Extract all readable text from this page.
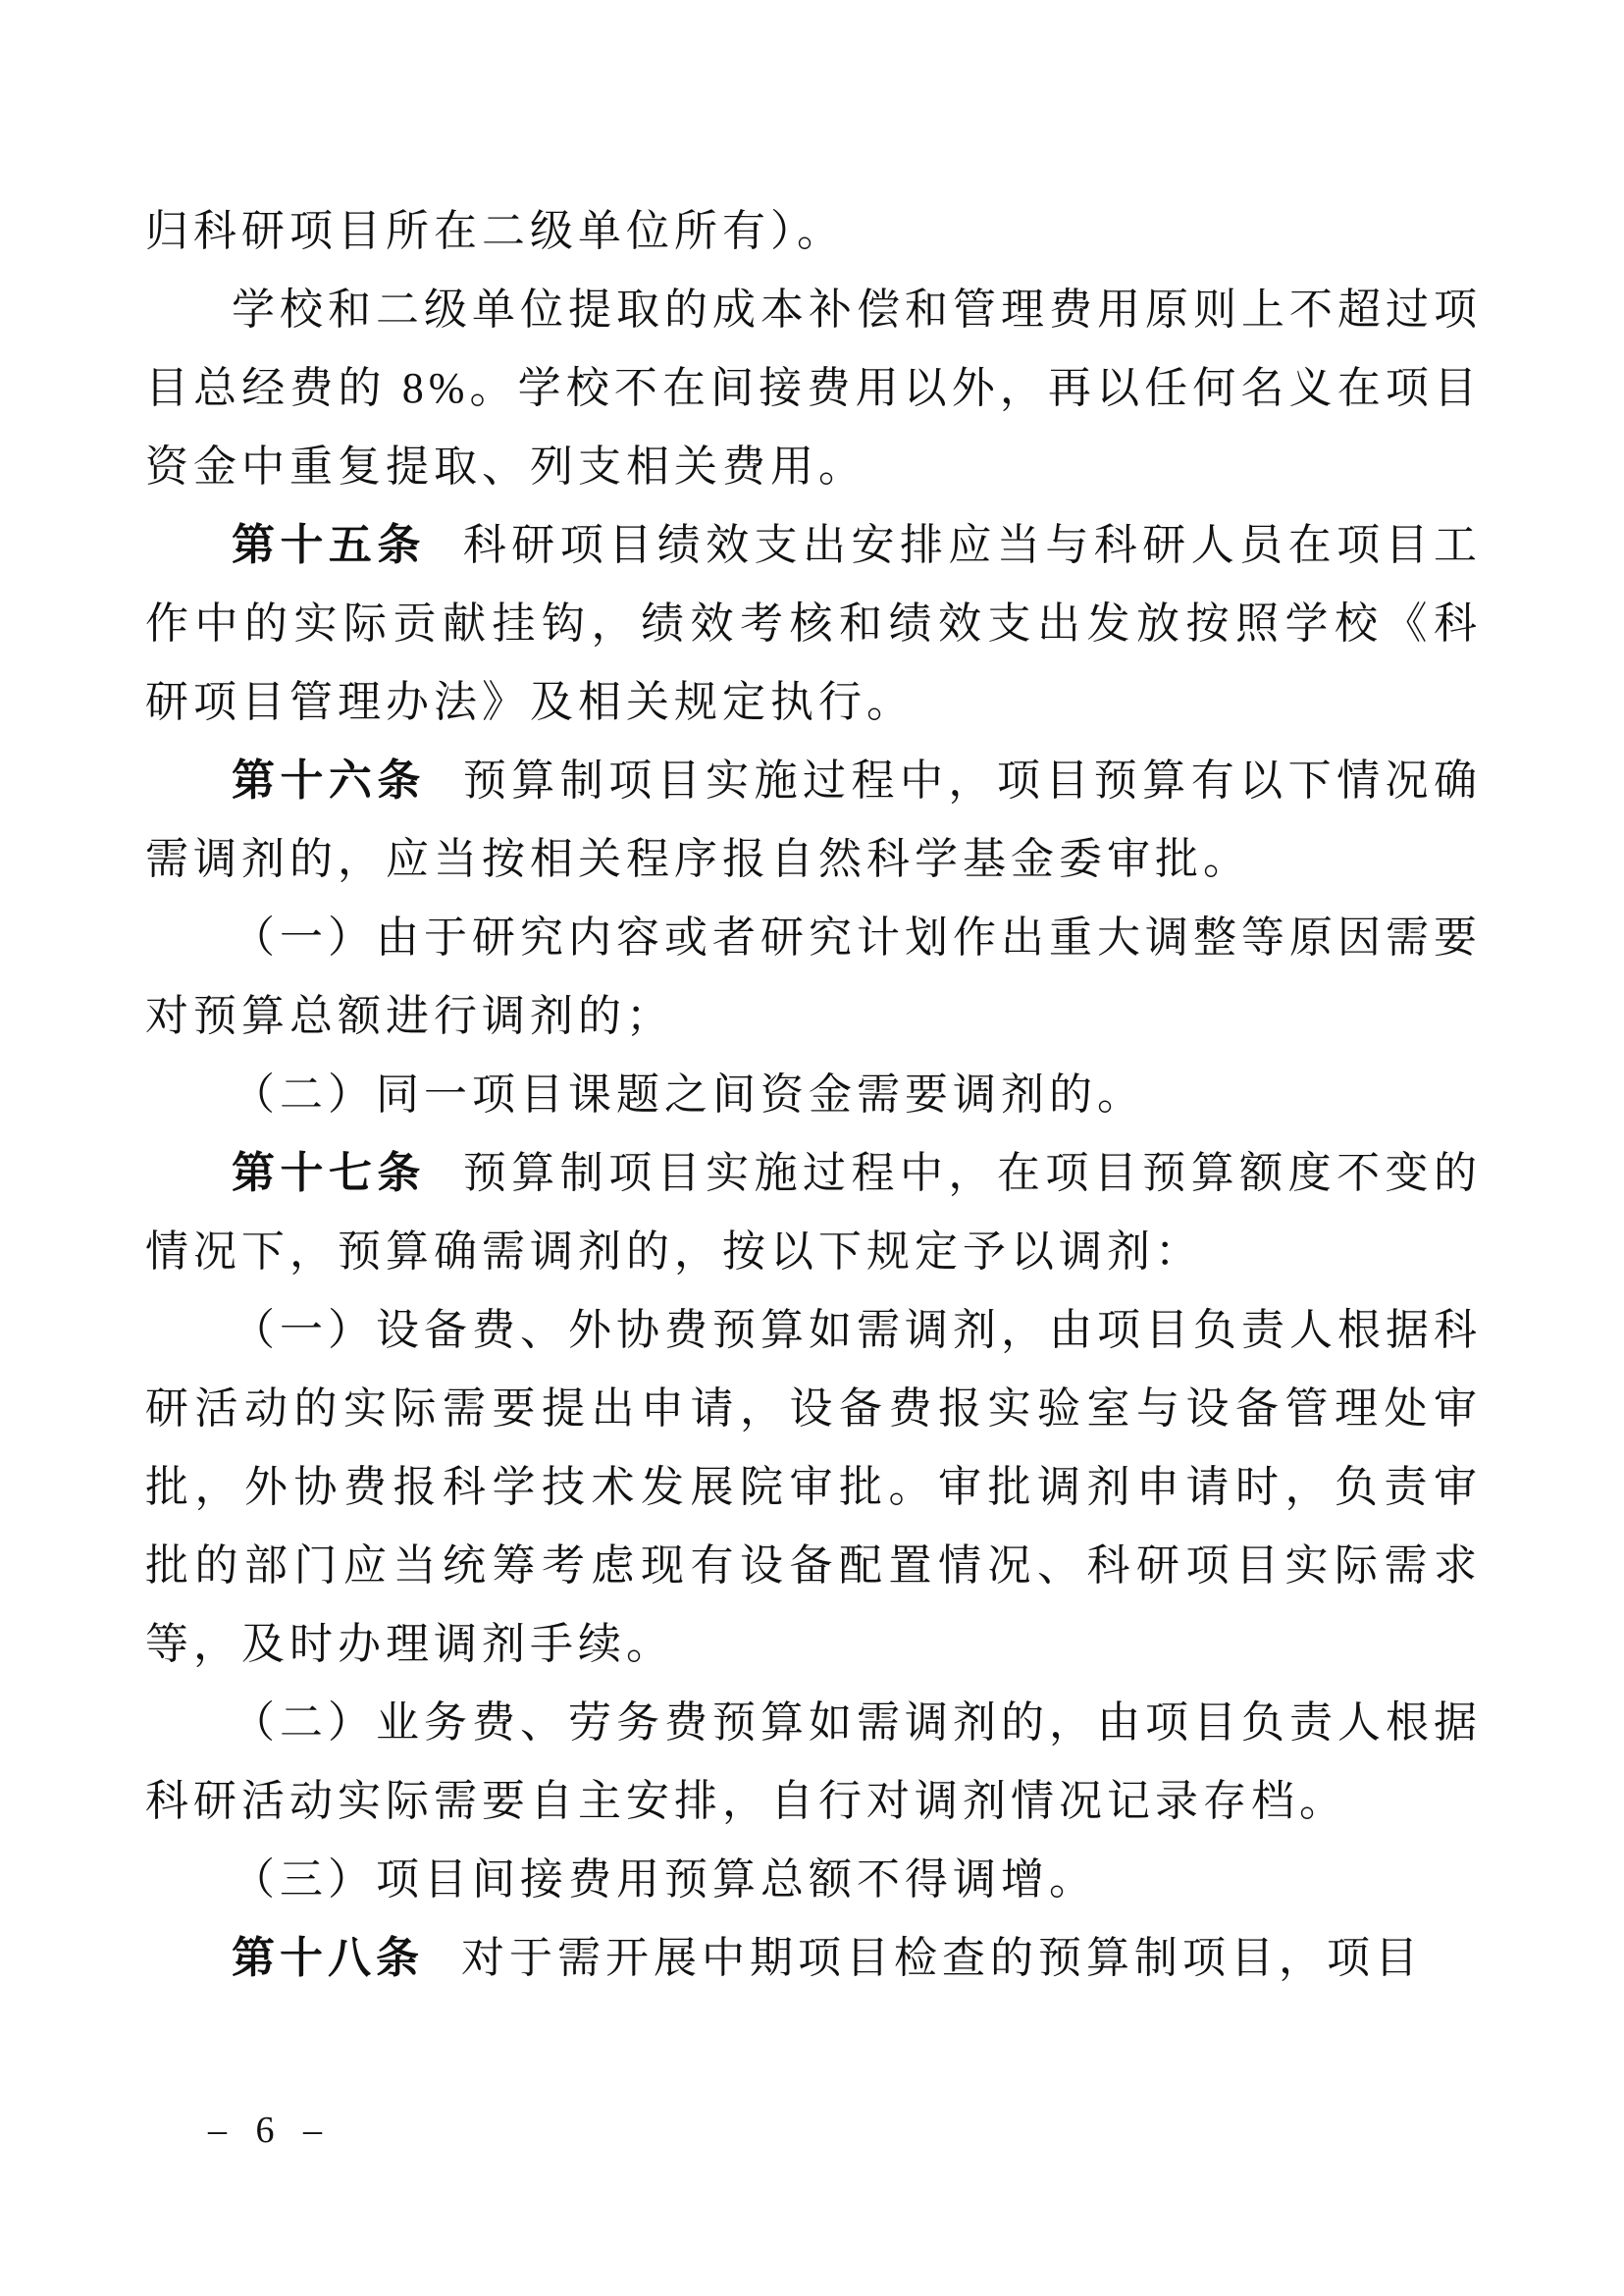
归科研项目所在二级单位所有）。

学校和二级单位提取的成本补偿和管理费用原则上不超过项目总经费的 8%。学校不在间接费用以外，再以任何名义在项目资金中重复提取、列支相关费用。

第十五条 科研项目绩效支出安排应当与科研人员在项目工作中的实际贡献挂钩，绩效考核和绩效支出发放按照学校《科研项目管理办法》及相关规定执行。

第十六条 预算制项目实施过程中，项目预算有以下情况确需调剂的，应当按相关程序报自然科学基金委审批。

（一）由于研究内容或者研究计划作出重大调整等原因需要对预算总额进行调剂的；

（二）同一项目课题之间资金需要调剂的。

第十七条 预算制项目实施过程中，在项目预算额度不变的情况下，预算确需调剂的，按以下规定予以调剂：

（一）设备费、外协费预算如需调剂，由项目负责人根据科研活动的实际需要提出申请，设备费报实验室与设备管理处审批，外协费报科学技术发展院审批。审批调剂申请时，负责审批的部门应当统筹考虑现有设备配置情况、科研项目实际需求等，及时办理调剂手续。

（二）业务费、劳务费预算如需调剂的，由项目负责人根据科研活动实际需要自主安排，自行对调剂情况记录存档。

（三）项目间接费用预算总额不得调增。

第十八条 对于需开展中期项目检查的预算制项目，项目

– 6 –
